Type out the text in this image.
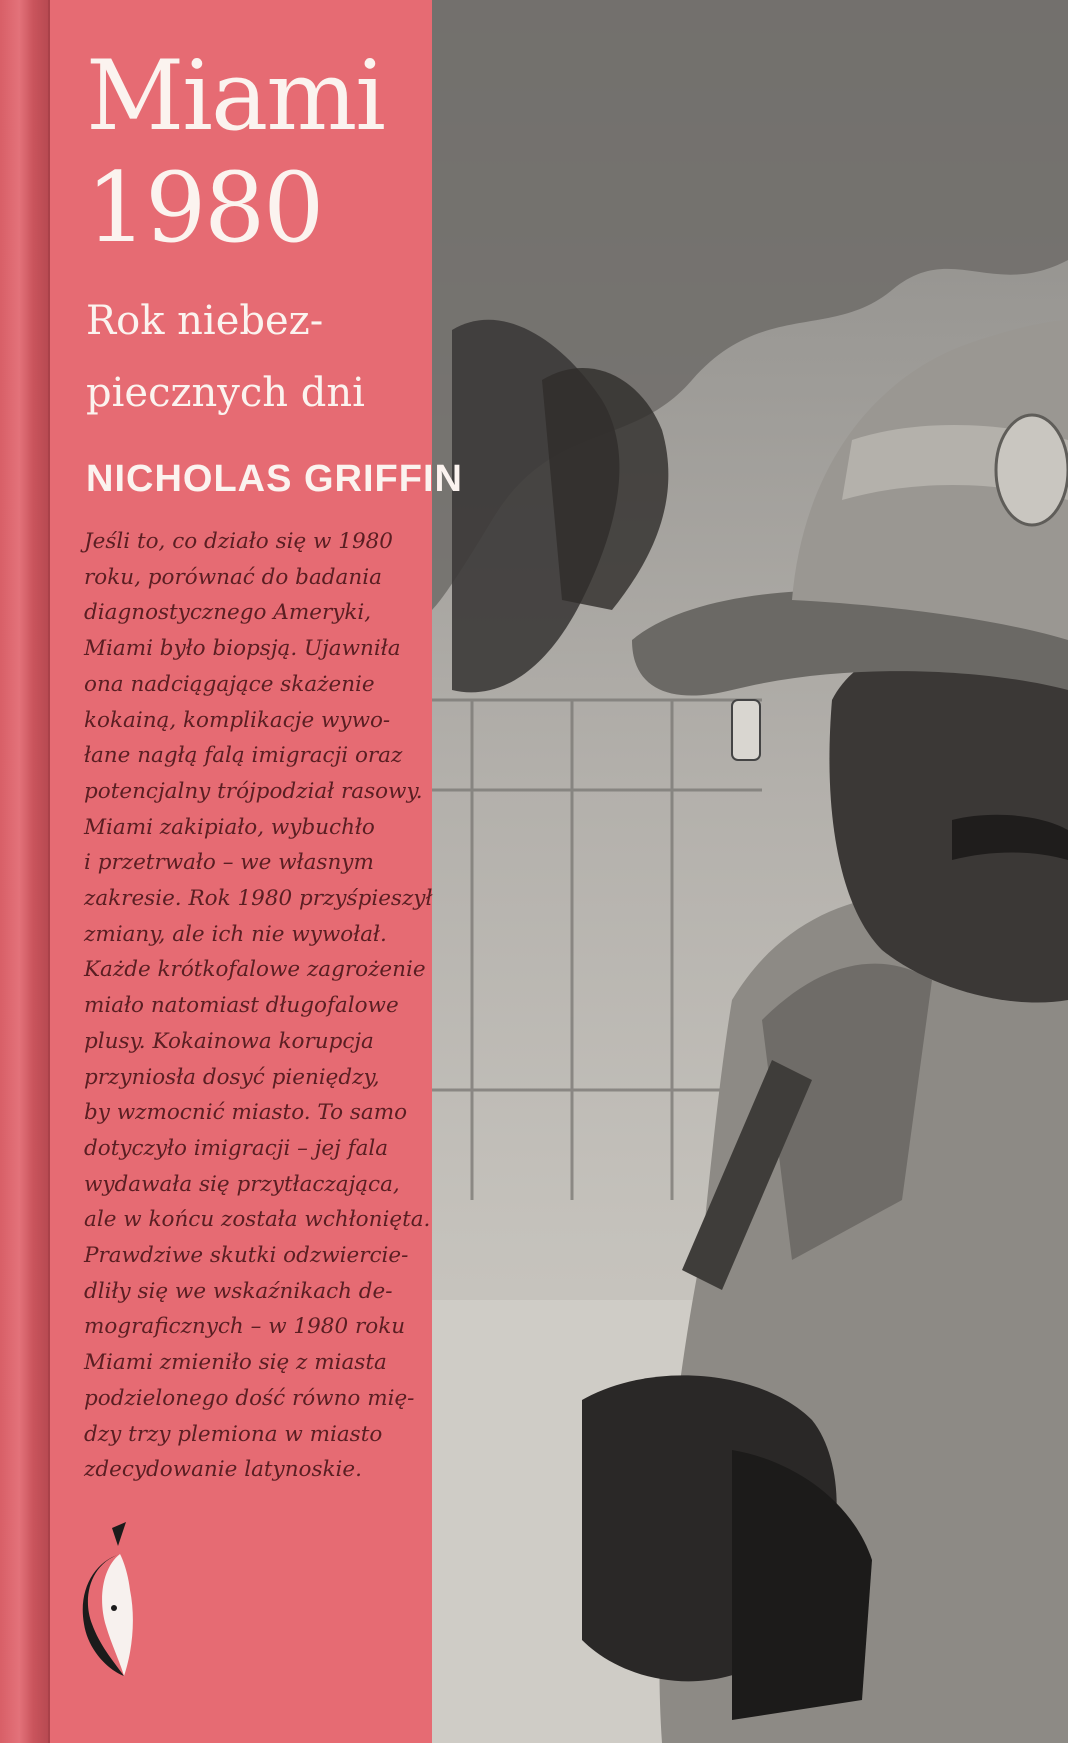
Miami
1980
Rok niebez-
piecznych dni
NICHOLAS GRIFFIN
Jeśli to, co działo się w 1980
roku, porównać do badania
diagnostycznego Ameryki,
Miami było biopsją. Ujawniła
ona nadciągające skażenie
kokainą, komplikacje wywo-
łane nagłą falą imigracji oraz
potencjalny trójpodział rasowy.
Miami zakipiało, wybuchło
i przetrwało – we własnym
zakresie. Rok 1980 przyśpieszył
zmiany, ale ich nie wywołał.
Każde krótkofalowe zagrożenie
miało natomiast długofalowe
plusy. Kokainowa korupcja
przyniosła dosyć pieniędzy,
by wzmocnić miasto. To samo
dotyczyło imigracji – jej fala
wydawała się przytłaczająca,
ale w końcu została wchłonięta.
Prawdziwe skutki odzwiercie-
dliły się we wskaźnikach de-
mograficznych – w 1980 roku
Miami zmieniło się z miasta
podzielonego dość równo mię-
dzy trzy plemiona w miasto
zdecydowanie latynoskie.
